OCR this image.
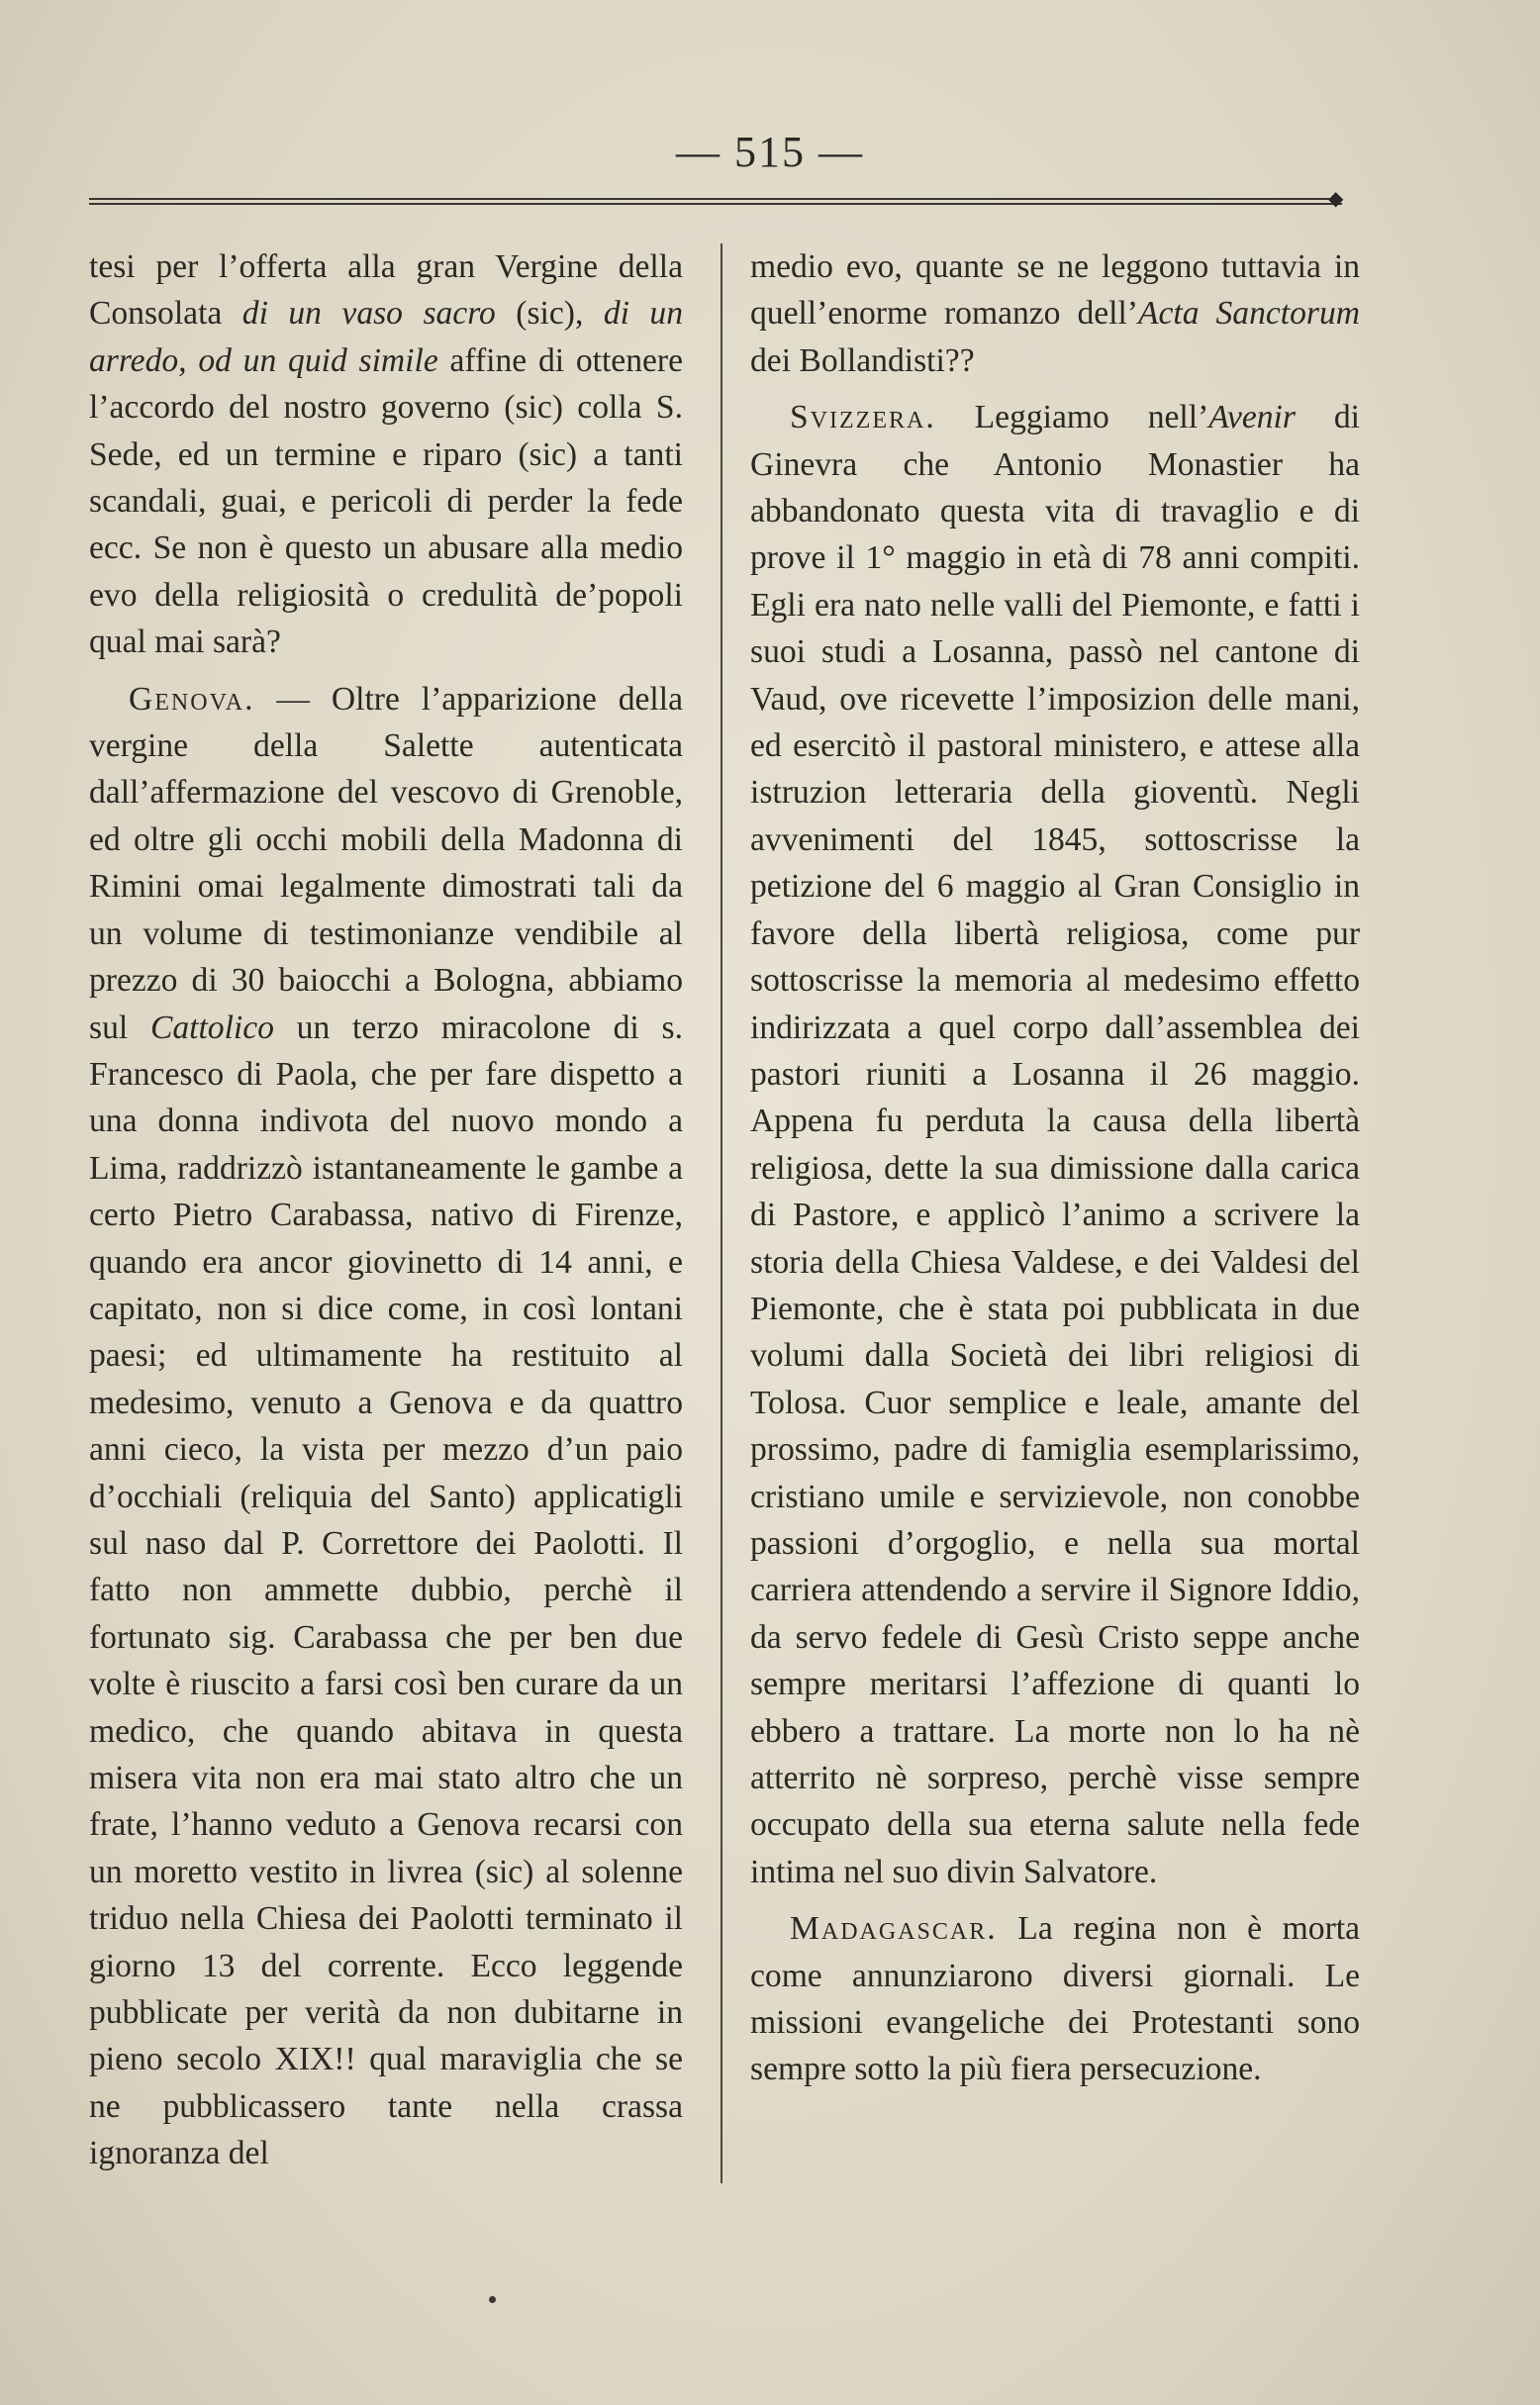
— 515 —
◆

tesi per l’offerta alla gran Vergine della Consolata di un vaso sacro (sic), di un arredo, od un quid simile affine di ottenere l’accordo del nostro governo (sic) colla S. Sede, ed un termine e riparo (sic) a tanti scandali, guai, e pericoli di perder la fede ecc. Se non è questo un abusare alla medio evo della religiosità o credulità de’popoli qual mai sarà?

Genova. — Oltre l’apparizione della vergine della Salette autenticata dall’affermazione del vescovo di Grenoble, ed oltre gli occhi mobili della Madonna di Rimini omai legalmente dimostrati tali da un volume di testimonianze vendibile al prezzo di 30 baiocchi a Bologna, abbiamo sul Cattolico un terzo miracolone di s. Francesco di Paola, che per fare dispetto a una donna indivota del nuovo mondo a Lima, raddrizzò istantaneamente le gambe a certo Pietro Carabassa, nativo di Firenze, quando era ancor giovinetto di 14 anni, e capitato, non si dice come, in così lontani paesi; ed ultimamente ha restituito al medesimo, venuto a Genova e da quattro anni cieco, la vista per mezzo d’un paio d’occhiali (reliquia del Santo) applicatigli sul naso dal P. Correttore dei Paolotti. Il fatto non ammette dubbio, perchè il fortunato sig. Carabassa che per ben due volte è riuscito a farsi così ben curare da un medico, che quando abitava in questa misera vita non era mai stato altro che un frate, l’hanno veduto a Genova recarsi con un moretto vestito in livrea (sic) al solenne triduo nella Chiesa dei Paolotti terminato il giorno 13 del corrente. Ecco leggende pubblicate per verità da non dubitarne in pieno secolo XIX!! qual maraviglia che se ne pubblicassero tante nella crassa ignoranza del

medio evo, quante se ne leggono tuttavia in quell’enorme romanzo dell’Acta Sanctorum dei Bollandisti??

Svizzera. Leggiamo nell’Avenir di Ginevra che Antonio Monastier ha abbandonato questa vita di travaglio e di prove il 1° maggio in età di 78 anni compiti. Egli era nato nelle valli del Piemonte, e fatti i suoi studi a Losanna, passò nel cantone di Vaud, ove ricevette l’imposizion delle mani, ed esercitò il pastoral ministero, e attese alla istruzion letteraria della gioventù. Negli avvenimenti del 1845, sottoscrisse la petizione del 6 maggio al Gran Consiglio in favore della libertà religiosa, come pur sottoscrisse la memoria al medesimo effetto indirizzata a quel corpo dall’assemblea dei pastori riuniti a Losanna il 26 maggio. Appena fu perduta la causa della libertà religiosa, dette la sua dimissione dalla carica di Pastore, e applicò l’animo a scrivere la storia della Chiesa Valdese, e dei Valdesi del Piemonte, che è stata poi pubblicata in due volumi dalla Società dei libri religiosi di Tolosa. Cuor semplice e leale, amante del prossimo, padre di famiglia esemplarissimo, cristiano umile e servizievole, non conobbe passioni d’orgoglio, e nella sua mortal carriera attendendo a servire il Signore Iddio, da servo fedele di Gesù Cristo seppe anche sempre meritarsi l’affezione di quanti lo ebbero a trattare. La morte non lo ha nè atterrito nè sorpreso, perchè visse sempre occupato della sua eterna salute nella fede intima nel suo divin Salvatore.

Madagascar. La regina non è morta come annunziarono diversi giornali. Le missioni evangeliche dei Protestanti sono sempre sotto la più fiera persecuzione.
